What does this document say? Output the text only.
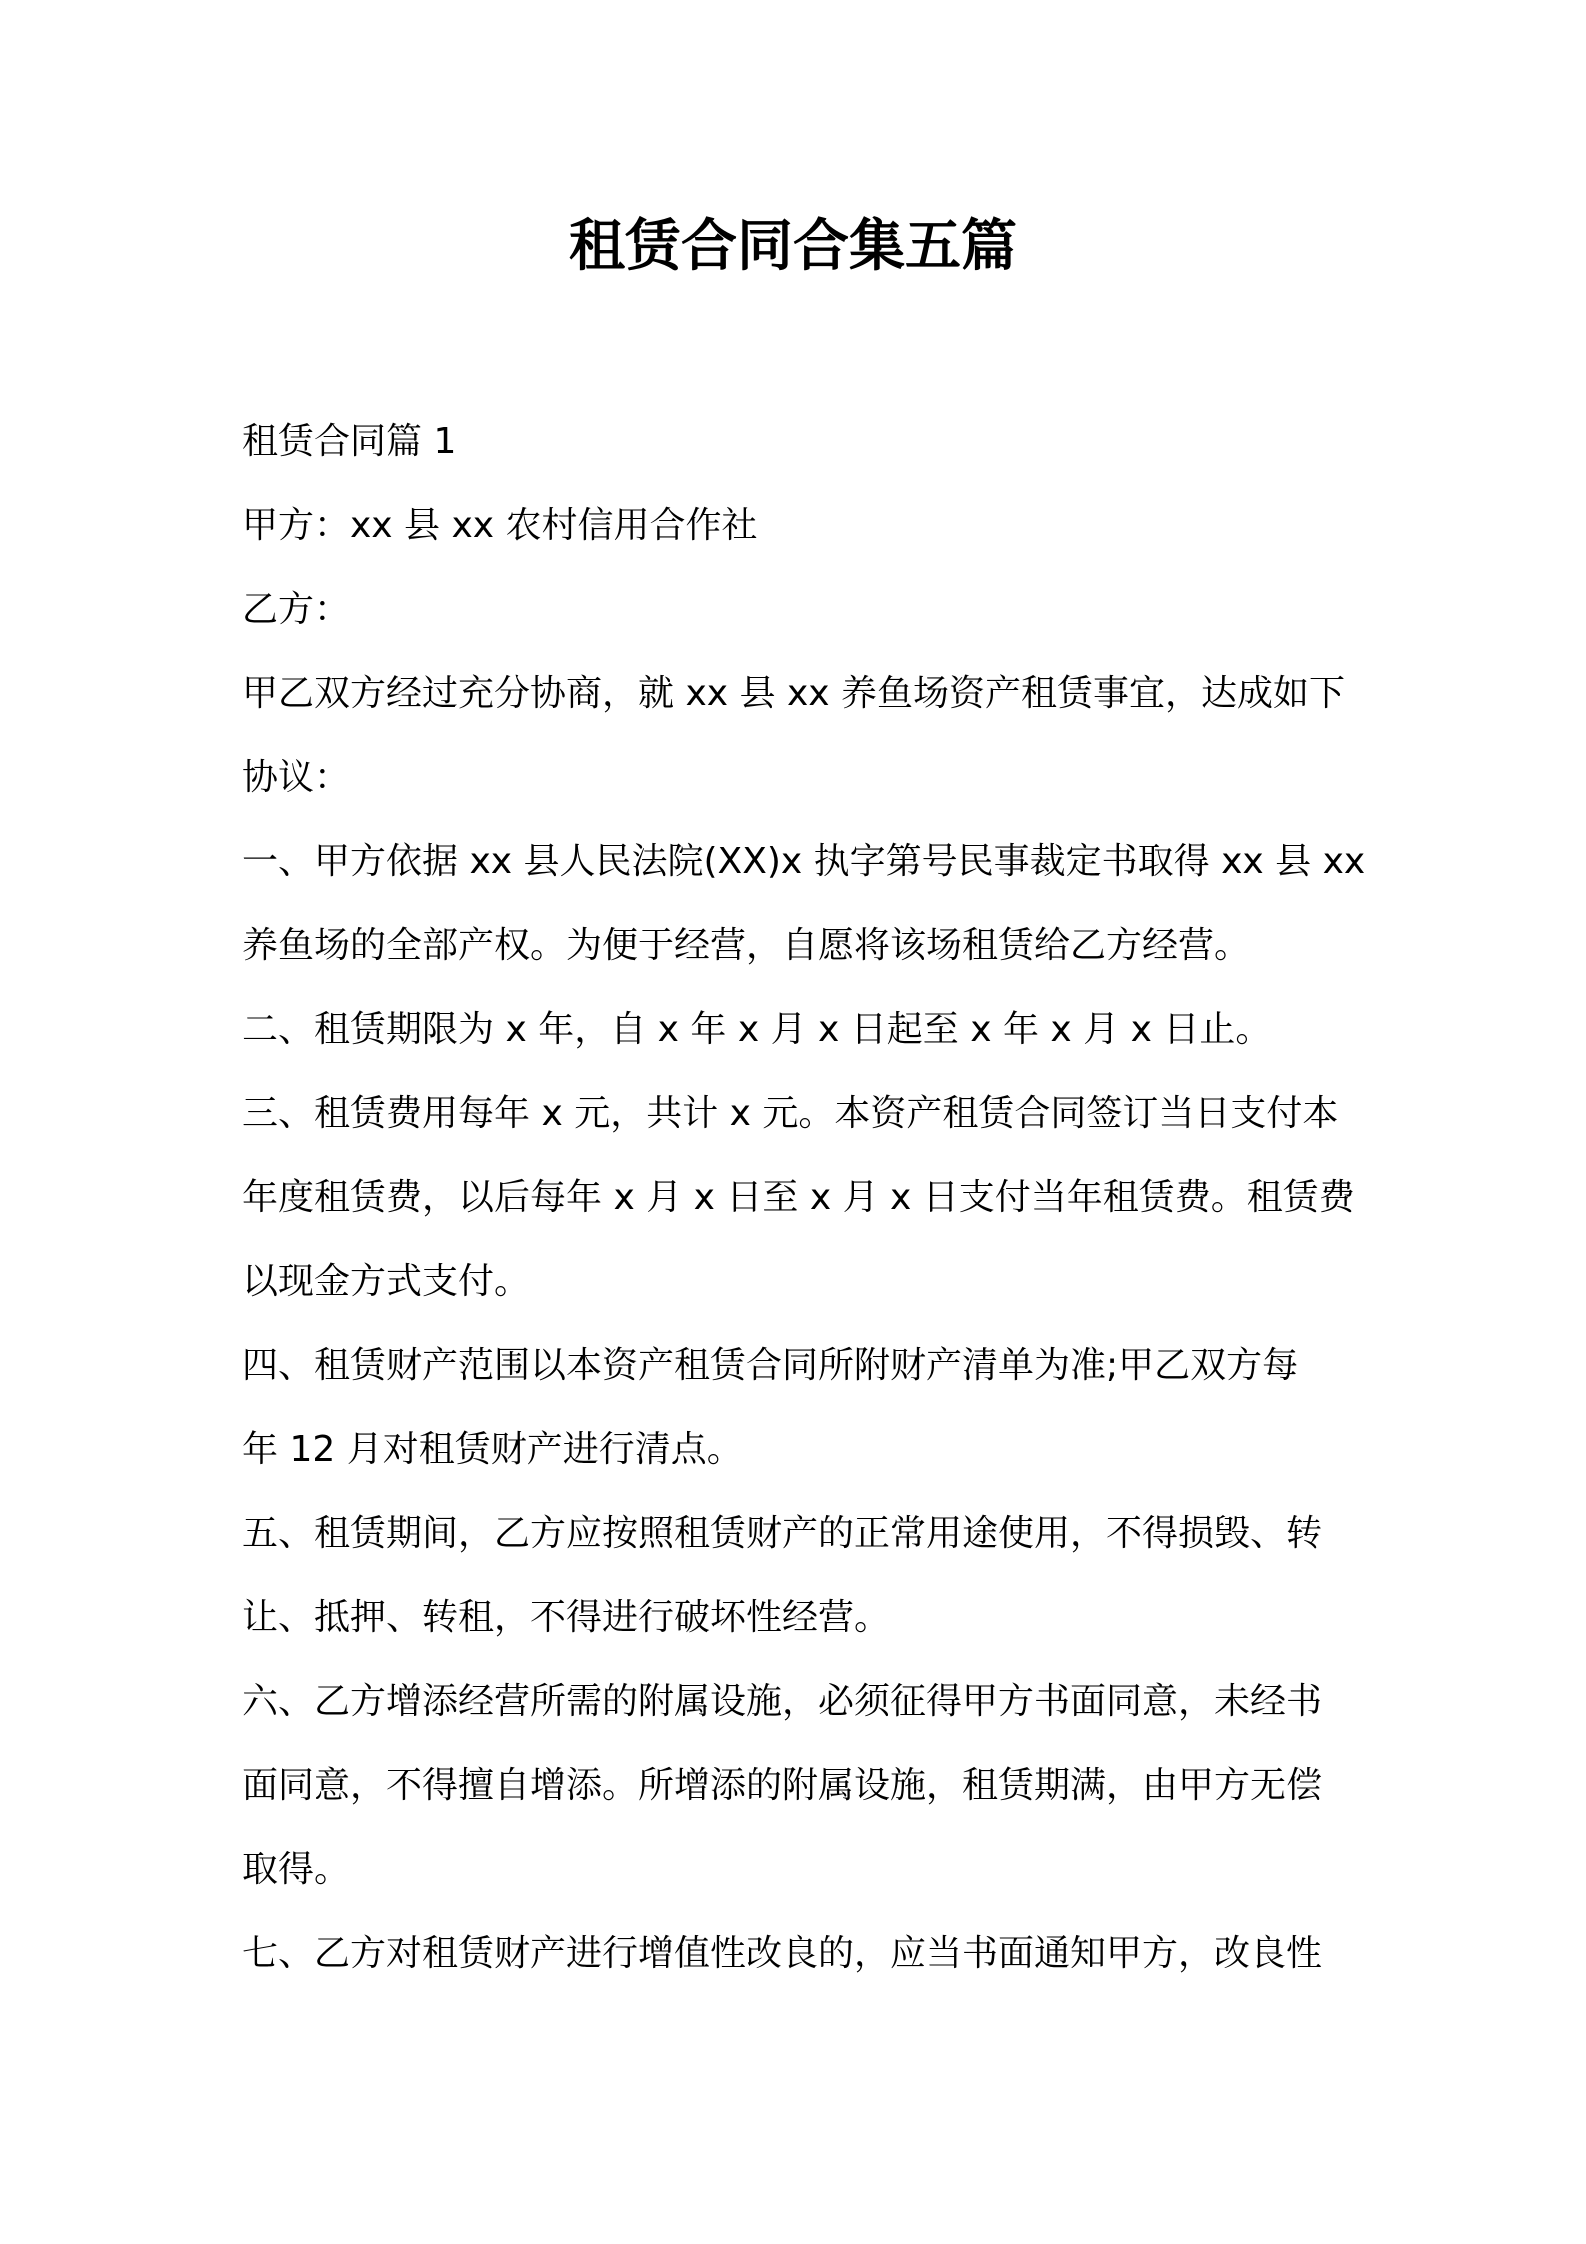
租赁合同合集五篇

租赁合同篇 1

甲方：xx 县 xx 农村信用合作社

乙方：

甲乙双方经过充分协商，就 xx 县 xx 养鱼场资产租赁事宜，达成如下

协议：

一、甲方依据 xx 县人民法院(XX)x 执字第号民事裁定书取得 xx 县 xx

养鱼场的全部产权。为便于经营，自愿将该场租赁给乙方经营。

二、租赁期限为 x 年，自 x 年 x 月 x 日起至 x 年 x 月 x 日止。

三、租赁费用每年 x 元，共计 x 元。本资产租赁合同签订当日支付本

年度租赁费，以后每年 x 月 x 日至 x 月 x 日支付当年租赁费。租赁费

以现金方式支付。

四、租赁财产范围以本资产租赁合同所附财产清单为准;甲乙双方每

年 12 月对租赁财产进行清点。

五、租赁期间，乙方应按照租赁财产的正常用途使用，不得损毁、转

让、抵押、转租，不得进行破坏性经营。

六、乙方增添经营所需的附属设施，必须征得甲方书面同意，未经书

面同意，不得擅自增添。所增添的附属设施，租赁期满，由甲方无偿

取得。

七、乙方对租赁财产进行增值性改良的，应当书面通知甲方，改良性
